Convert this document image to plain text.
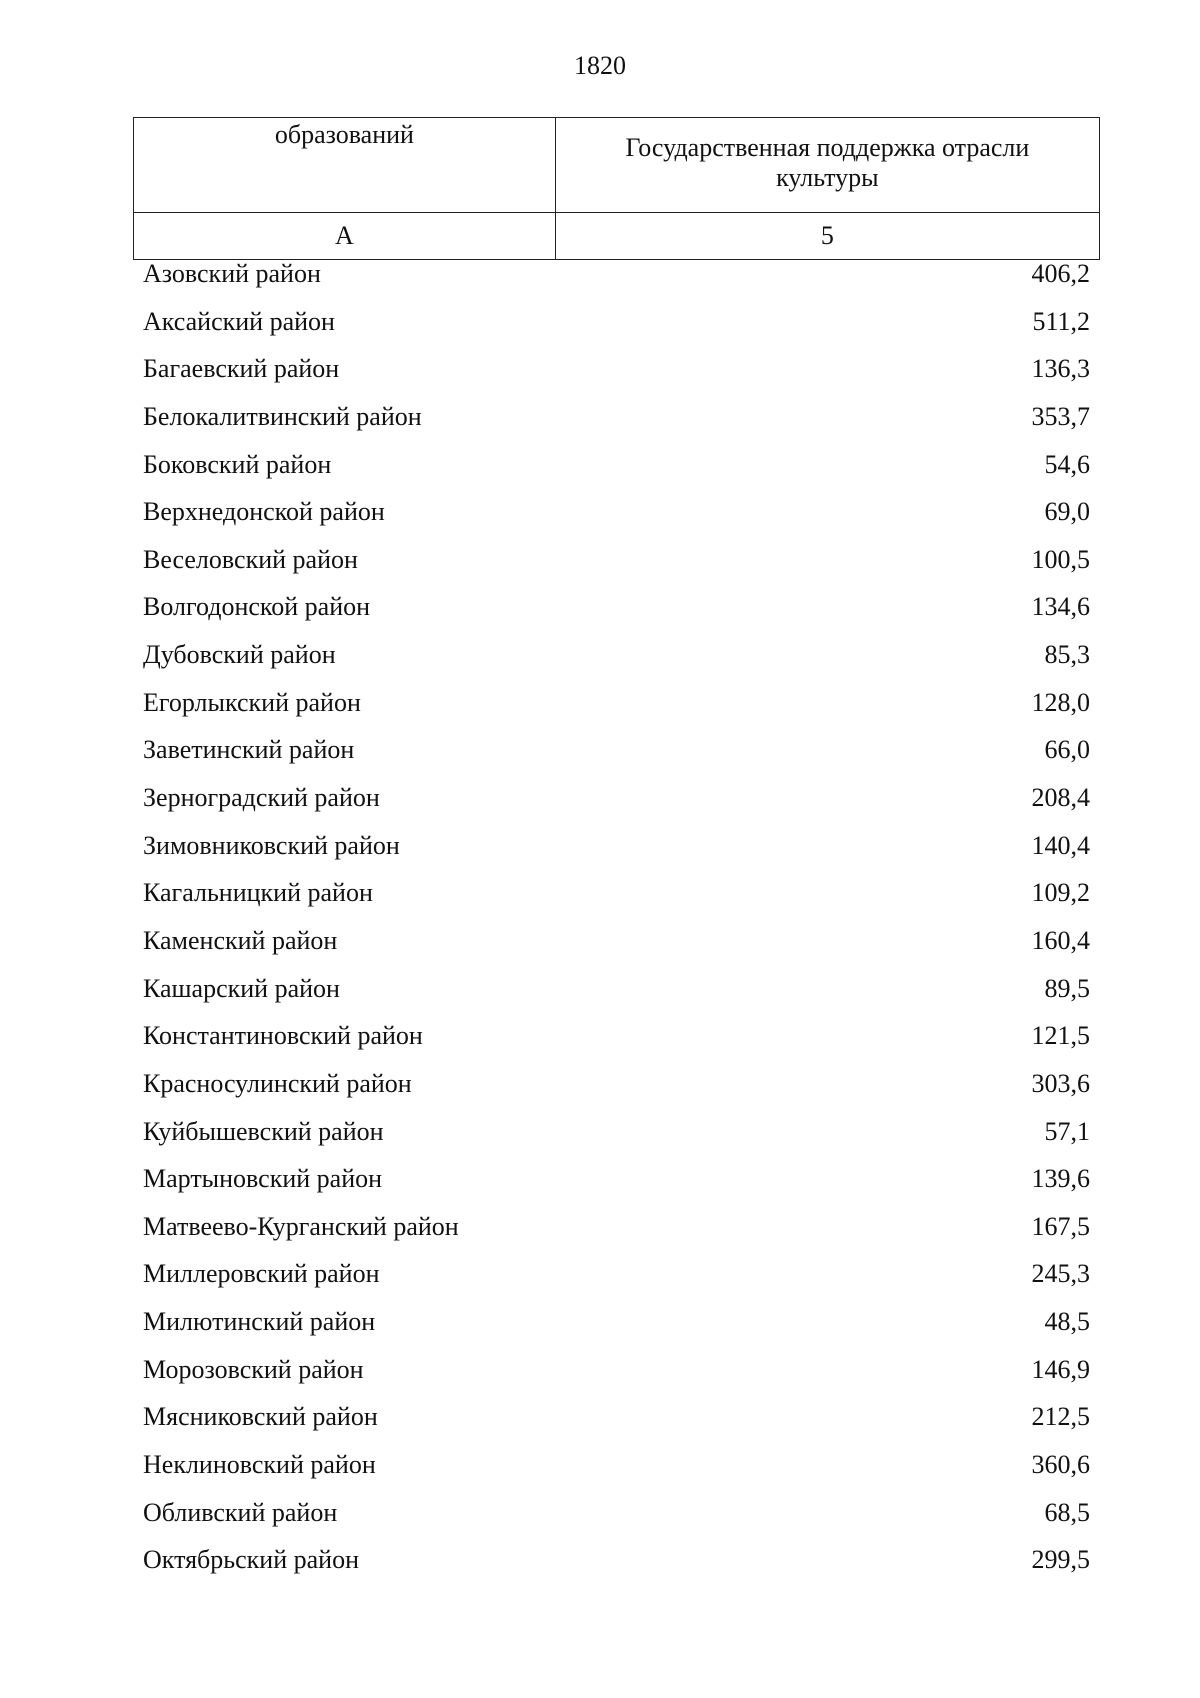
1820
образований	Государственная поддержка отрасли культуры
А	5
Азовский район	406,2
Аксайский район	511,2
Багаевский район	136,3
Белокалитвинский район	353,7
Боковский район	54,6
Верхнедонской район	69,0
Веселовский район	100,5
Волгодонской район	134,6
Дубовский район	85,3
Егорлыкский район	128,0
Заветинский район	66,0
Зерноградский район	208,4
Зимовниковский район	140,4
Кагальницкий район	109,2
Каменский район	160,4
Кашарский район	89,5
Константиновский район	121,5
Красносулинский район	303,6
Куйбышевский район	57,1
Мартыновский район	139,6
Матвеево-Курганский район	167,5
Миллеровский район	245,3
Милютинский район	48,5
Морозовский район	146,9
Мясниковский район	212,5
Неклиновский район	360,6
Обливский район	68,5
Октябрьский район	299,5
